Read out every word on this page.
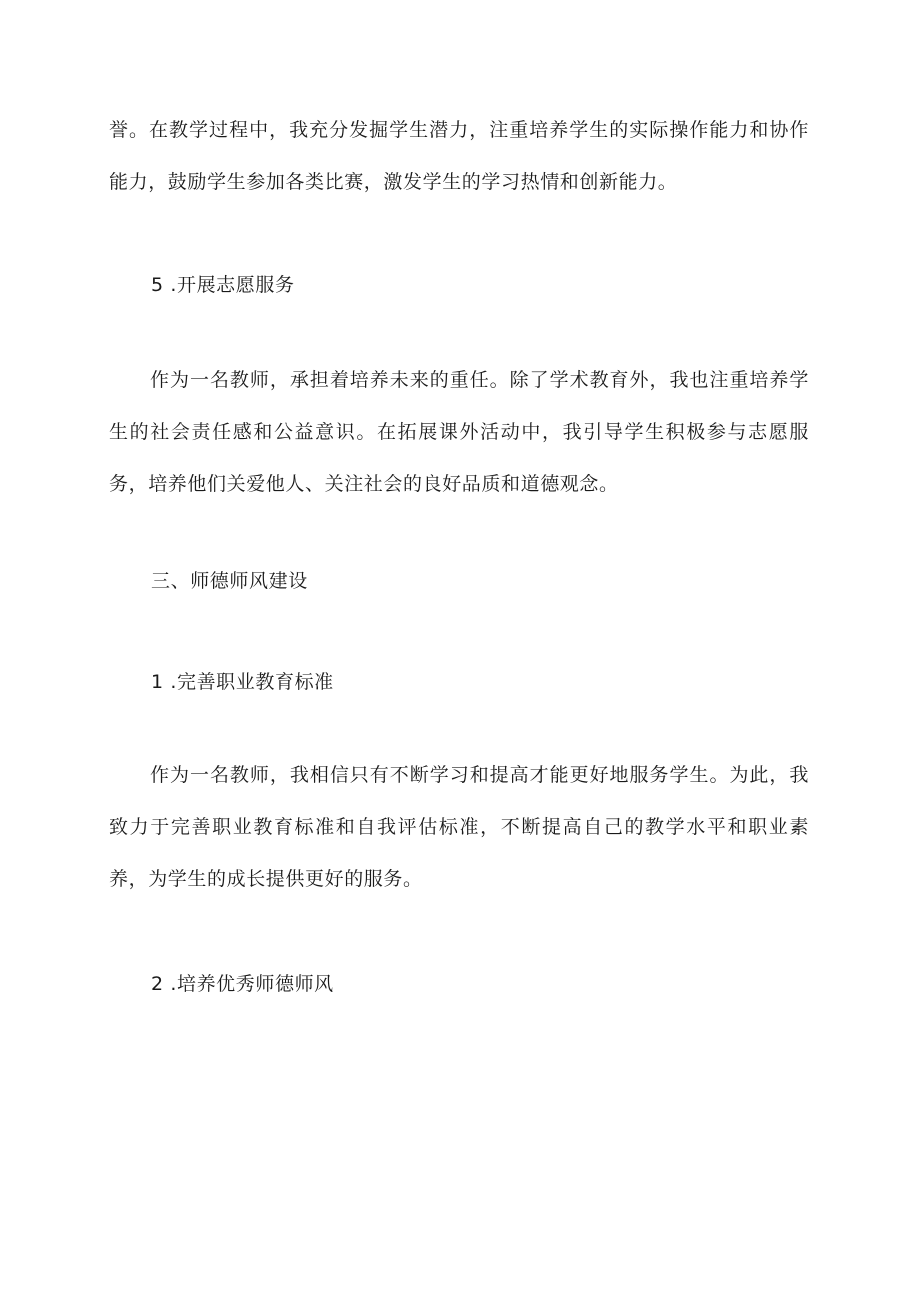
誉。在教学过程中，我充分发掘学生潜力，注重培养学生的实际操作能力和协作能力，鼓励学生参加各类比赛，激发学生的学习热情和创新能力。

5 .开展志愿服务

作为一名教师，承担着培养未来的重任。除了学术教育外，我也注重培养学生的社会责任感和公益意识。在拓展课外活动中，我引导学生积极参与志愿服务，培养他们关爱他人、关注社会的良好品质和道德观念。

三、师德师风建设

1 .完善职业教育标准

作为一名教师，我相信只有不断学习和提高才能更好地服务学生。为此，我致力于完善职业教育标准和自我评估标准，不断提高自己的教学水平和职业素养，为学生的成长提供更好的服务。

2 .培养优秀师德师风
